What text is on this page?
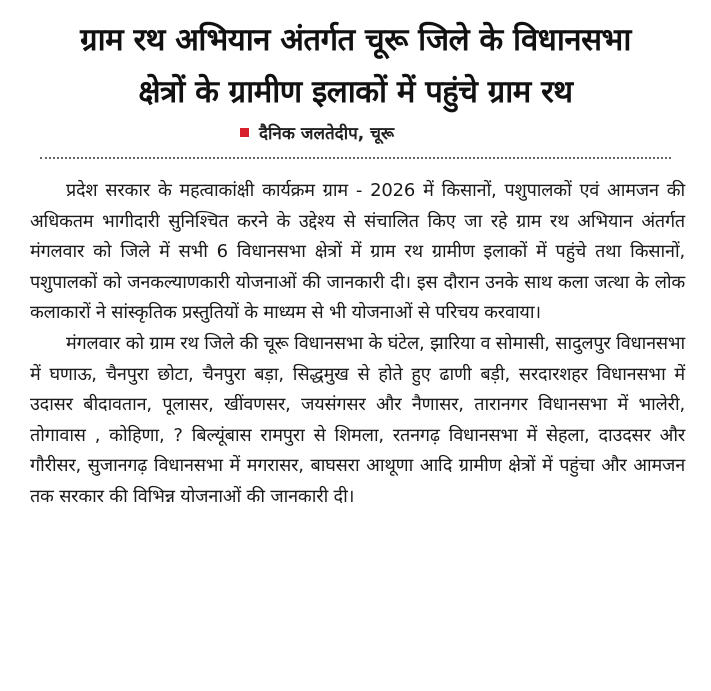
ग्राम रथ अभियान अंतर्गत चूरू जिले के विधानसभा
क्षेत्रों के ग्रामीण इलाकों में पहुंचे ग्राम रथ
दैनिक जलतेदीप, चूरू

प्रदेश सरकार के महत्वाकांक्षी कार्यक्रम ग्राम - 2026 में किसानों, पशुपालकों एवं आमजन की अधिकतम भागीदारी सुनिश्चित करने के उद्देश्य से संचालित किए जा रहे ग्राम रथ अभियान अंतर्गत मंगलवार को जिले में सभी 6 विधानसभा क्षेत्रों में ग्राम रथ ग्रामीण इलाकों में पहुंचे तथा किसानों, पशुपालकों को जनकल्याणकारी योजनाओं की जानकारी दी। इस दौरान उनके साथ कला जत्था के लोक कलाकारों ने सांस्कृतिक प्रस्तुतियों के माध्यम से भी योजनाओं से परिचय करवाया।

मंगलवार को ग्राम रथ जिले की चूरू विधानसभा के घंटेल, झारिया व सोमासी, सादुलपुर विधानसभा में घणाऊ, चैनपुरा छोटा, चैनपुरा बड़ा, सिद्धमुख से होते हुए ढाणी बड़ी, सरदारशहर विधानसभा में उदासर बीदावतान, पूलासर, खींवणसर, जयसंगसर और नैणासर, तारानगर विधानसभा में भालेरी, तोगावास , कोहिणा, ? बिल्यूंबास रामपुरा से शिमला, रतनगढ़ विधानसभा में सेहला, दाउदसर और गौरीसर, सुजानगढ़ विधानसभा में मगरासर, बाघसरा आथूणा आदि ग्रामीण क्षेत्रों में पहुंचा और आमजन तक सरकार की विभिन्न योजनाओं की जानकारी दी।
